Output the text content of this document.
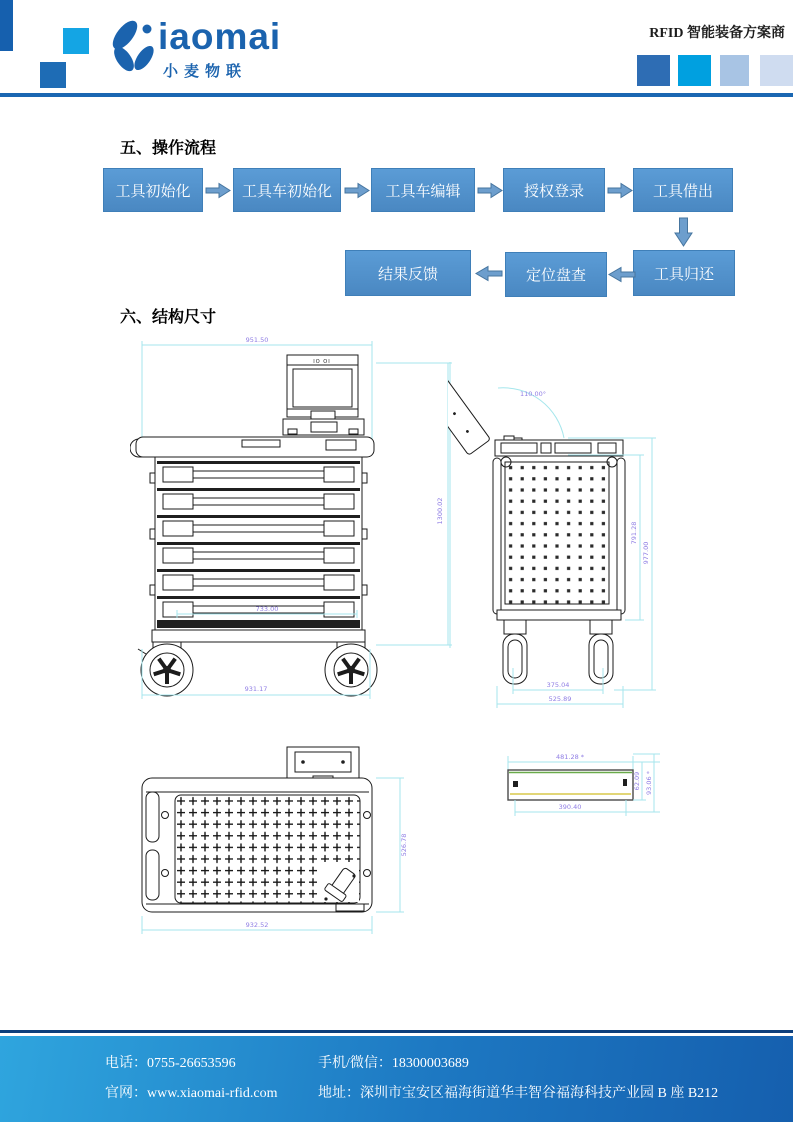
iaomai
小麦物联
RFID 智能装备方案商
五、操作流程
工具初始化	工具车初始化	工具车编辑	授权登录	工具借出
结果反馈	定位盘查	工具归还
六、结构尺寸
951.50
1300.02
IO OI
733.00
931.17
110.00°
375.04
525.89
791.28
977.00
481.28 *
390.40
62.09 93.06 *
932.52
526.78
电话：0755-26653596	手机/微信：18300003689
官网：www.xiaomai-rfid.com	地址：深圳市宝安区福海街道华丰智谷福海科技产业园 B 座 B212
